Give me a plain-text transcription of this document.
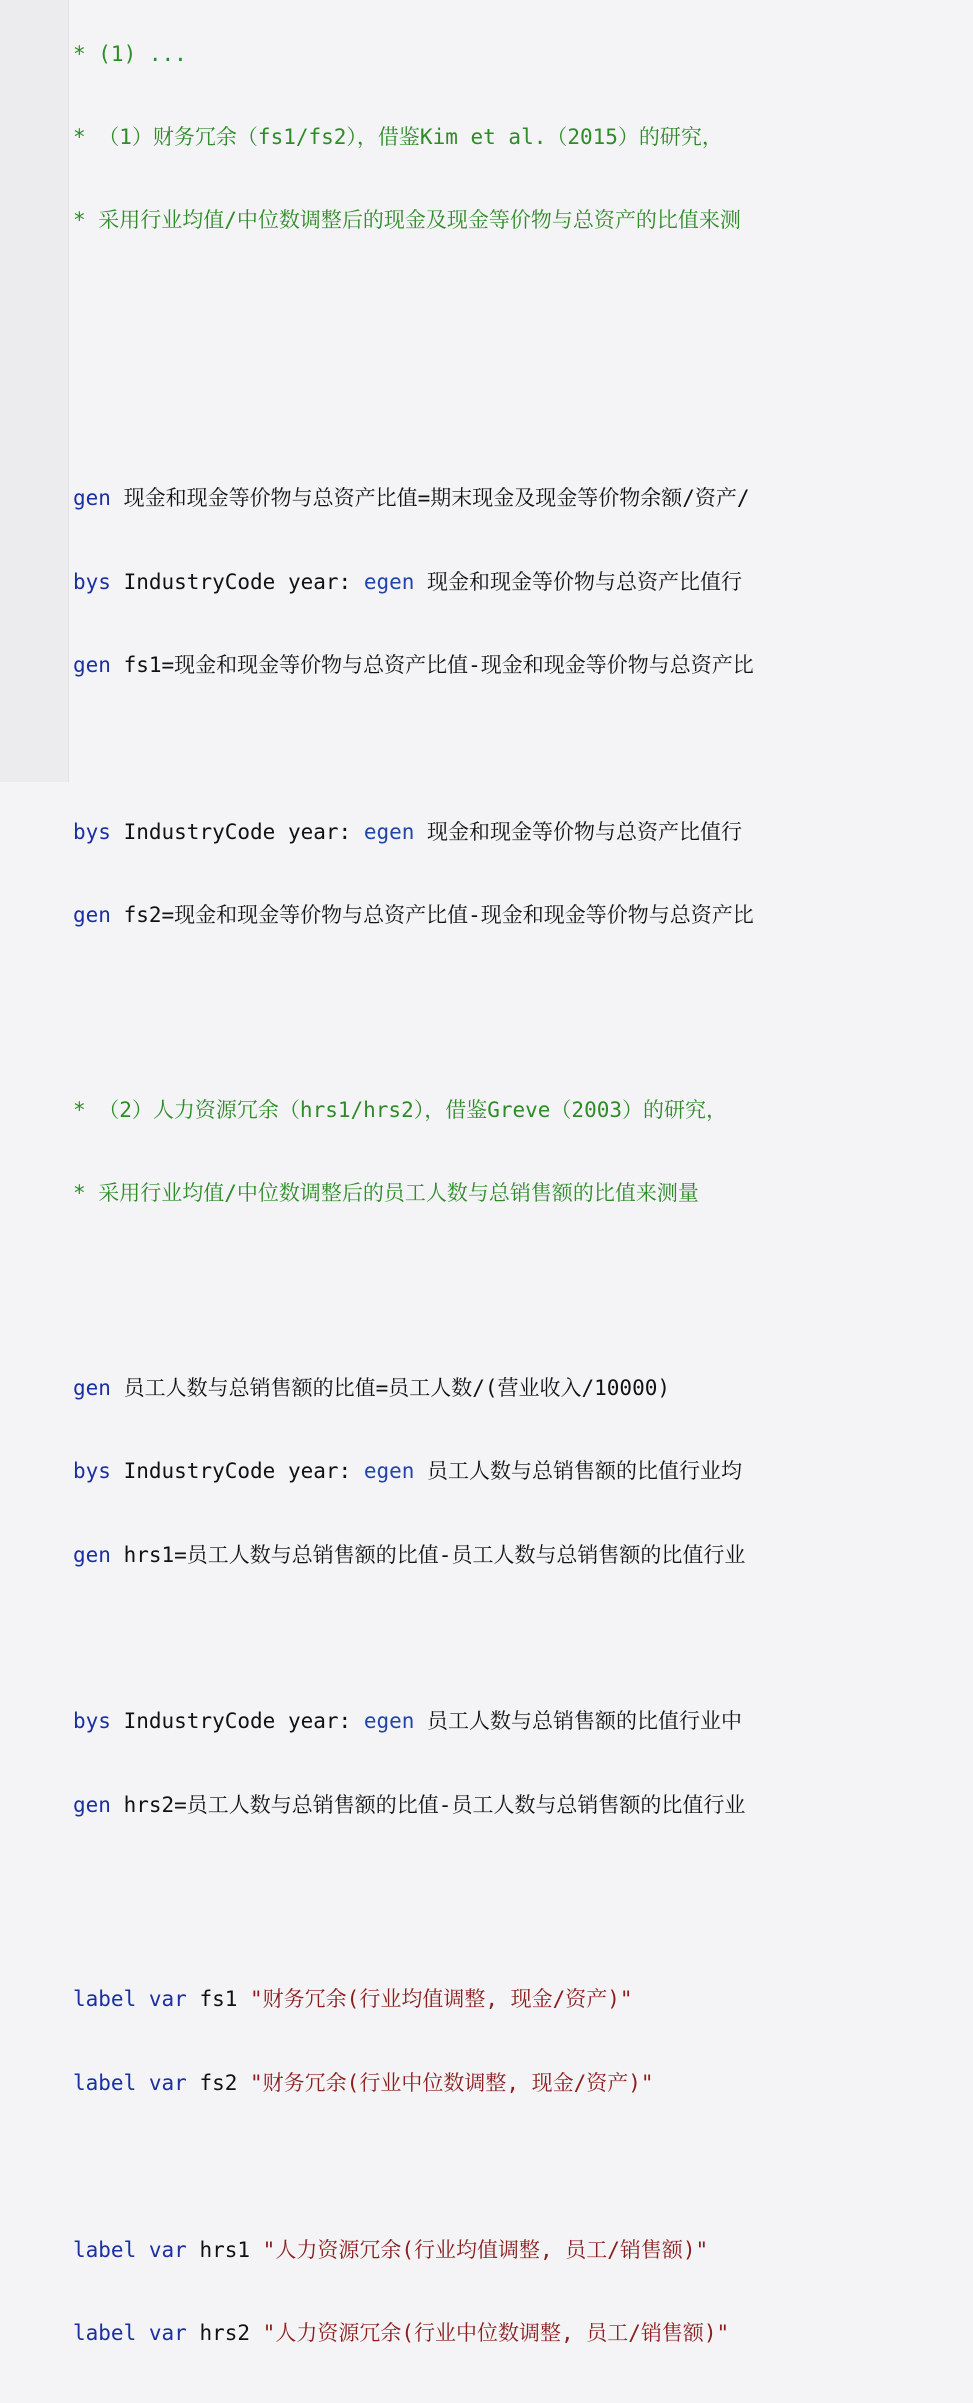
* (1) ...

* （1）财务冗余（fs1/fs2），借鉴Kim et al.（2015）的研究，

* 采用行业均值/中位数调整后的现金及现金等价物与总资产的比值来测

gen 现金和现金等价物与总资产比值=期末现金及现金等价物余额/资产/

bys IndustryCode year: egen 现金和现金等价物与总资产比值行

gen fs1=现金和现金等价物与总资产比值-现金和现金等价物与总资产比

bys IndustryCode year: egen 现金和现金等价物与总资产比值行

gen fs2=现金和现金等价物与总资产比值-现金和现金等价物与总资产比

* （2）人力资源冗余（hrs1/hrs2），借鉴Greve（2003）的研究，

* 采用行业均值/中位数调整后的员工人数与总销售额的比值来测量

gen 员工人数与总销售额的比值=员工人数/(营业收入/10000)

bys IndustryCode year: egen 员工人数与总销售额的比值行业均

gen hrs1=员工人数与总销售额的比值-员工人数与总销售额的比值行业

bys IndustryCode year: egen 员工人数与总销售额的比值行业中

gen hrs2=员工人数与总销售额的比值-员工人数与总销售额的比值行业

label var fs1 "财务冗余(行业均值调整, 现金/资产)"

label var fs2 "财务冗余(行业中位数调整, 现金/资产)"

label var hrs1 "人力资源冗余(行业均值调整, 员工/销售额)"

label var hrs2 "人力资源冗余(行业中位数调整, 员工/销售额)"
